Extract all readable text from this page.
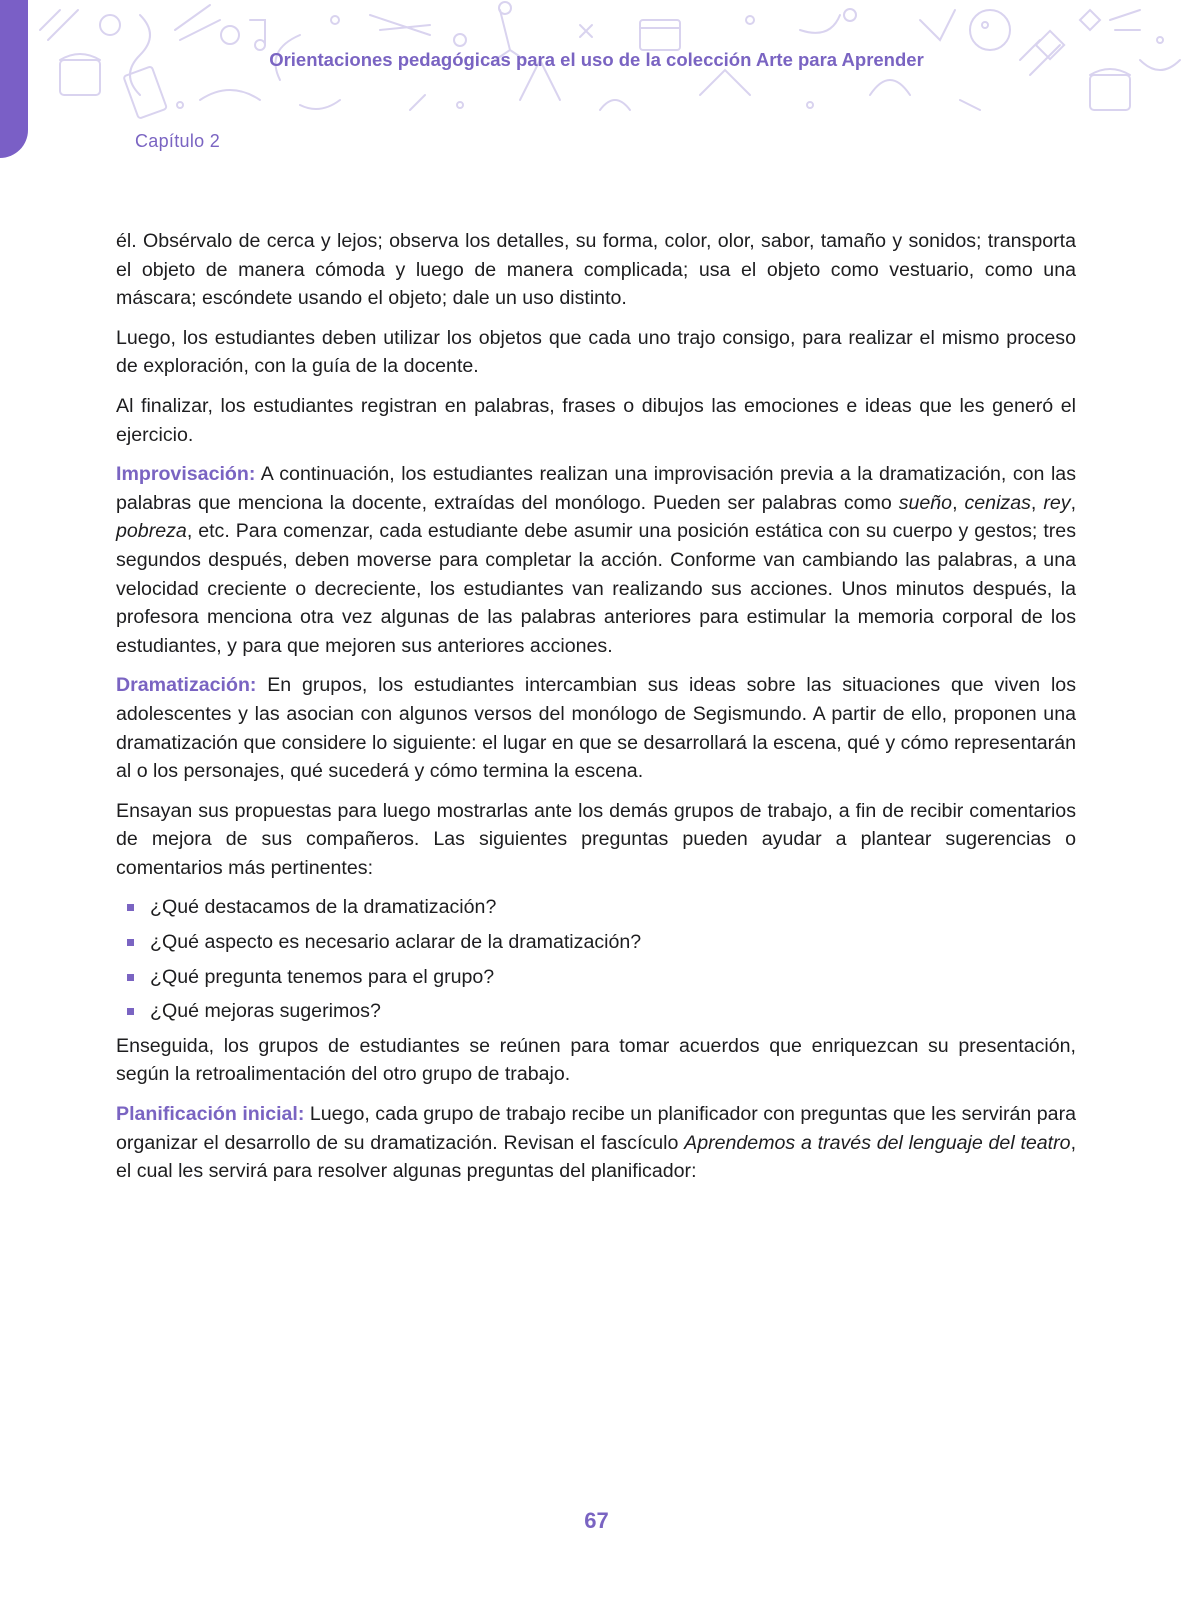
Orientaciones pedagógicas para el uso de la colección Arte para Aprender
Capítulo 2

él. Obsérvalo de cerca y lejos; observa los detalles, su forma, color, olor, sabor, tamaño y sonidos; transporta el objeto de manera cómoda y luego de manera complicada; usa el objeto como vestuario, como una máscara; escóndete usando el objeto; dale un uso distinto.

Luego, los estudiantes deben utilizar los objetos que cada uno trajo consigo, para realizar el mismo proceso de exploración, con la guía de la docente.

Al finalizar, los estudiantes registran en palabras, frases o dibujos las emociones e ideas que les generó el ejercicio.

Improvisación: A continuación, los estudiantes realizan una improvisación previa a la dramatización, con las palabras que menciona la docente, extraídas del monólogo. Pueden ser palabras como sueño, cenizas, rey, pobreza, etc. Para comenzar, cada estudiante debe asumir una posición estática con su cuerpo y gestos; tres segundos después, deben moverse para completar la acción. Conforme van cambiando las palabras, a una velocidad creciente o decreciente, los estudiantes van realizando sus acciones. Unos minutos después, la profesora menciona otra vez algunas de las palabras anteriores para estimular la memoria corporal de los estudiantes, y para que mejoren sus anteriores acciones.

Dramatización: En grupos, los estudiantes intercambian sus ideas sobre las situaciones que viven los adolescentes y las asocian con algunos versos del monólogo de Segismundo. A partir de ello, proponen una dramatización que considere lo siguiente: el lugar en que se desarrollará la escena, qué y cómo representarán al o los personajes, qué sucederá y cómo termina la escena.

Ensayan sus propuestas para luego mostrarlas ante los demás grupos de trabajo, a fin de recibir comentarios de mejora de sus compañeros. Las siguientes preguntas pueden ayudar a plantear sugerencias o comentarios más pertinentes:

¿Qué destacamos de la dramatización?
¿Qué aspecto es necesario aclarar de la dramatización?
¿Qué pregunta tenemos para el grupo?
¿Qué mejoras sugerimos?

Enseguida, los grupos de estudiantes se reúnen para tomar acuerdos que enriquezcan su presentación, según la retroalimentación del otro grupo de trabajo.

Planificación inicial: Luego, cada grupo de trabajo recibe un planificador con preguntas que les servirán para organizar el desarrollo de su dramatización. Revisan el fascículo Aprendemos a través del lenguaje del teatro, el cual les servirá para resolver algunas preguntas del planificador:

67
